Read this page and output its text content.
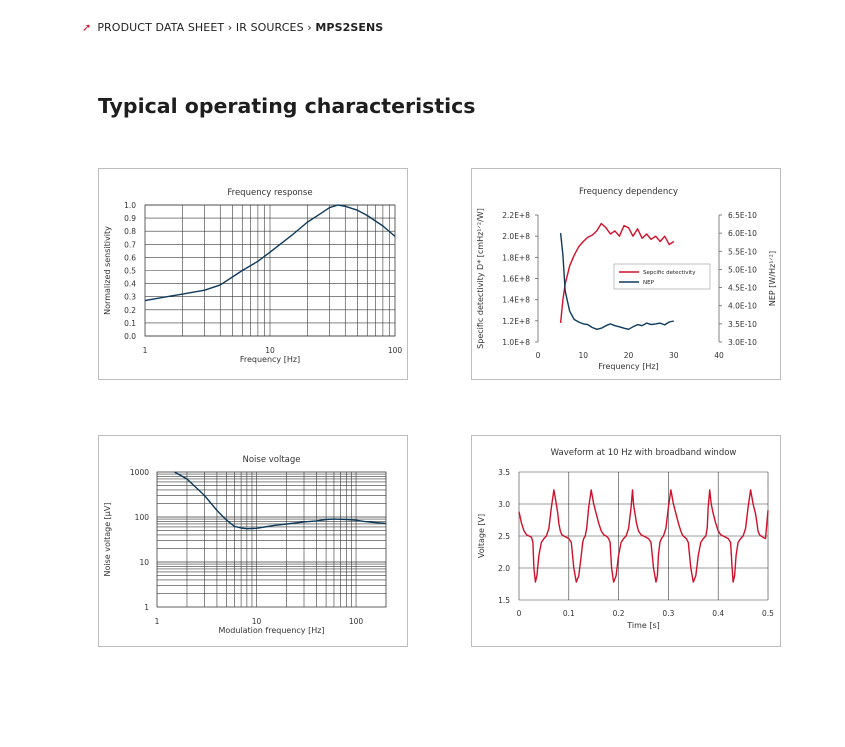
➚ PRODUCT DATA SHEET › IR SOURCES › MPS2SENS
Typical operating characteristics
0.0
0.1
0.2
0.3
0.4
0.5
0.6
0.7
0.8
0.9
1.0
1	10	100
Frequency response
Frequency [Hz]
Normalized sensitivity
1.0E+8
1.2E+8
1.4E+8
1.6E+8
1.8E+8
2.0E+8
2.2E+8
3.0E-10
3.5E-10
4.0E-10
4.5E-10
5.0E-10
5.5E-10
6.0E-10
6.5E-10
0	10	20	30	40
Frequency dependency
Frequency [Hz]
Specific detectivity D* [cmHz¹ᐟ²/W]	NEP [W/Hz¹ᐟ²]
Sepcific detectivity
NEP
1
10
100
1000
1	10	100
Noise voltage
Modulation frequency [Hz]
Noise voltage [µV]
0	0.1	0.2	0.3	0.4	0.5
1.5
2.0
2.5
3.0
3.5
Waveform at 10 Hz with broadband window
Time [s]
Voltage [V]
